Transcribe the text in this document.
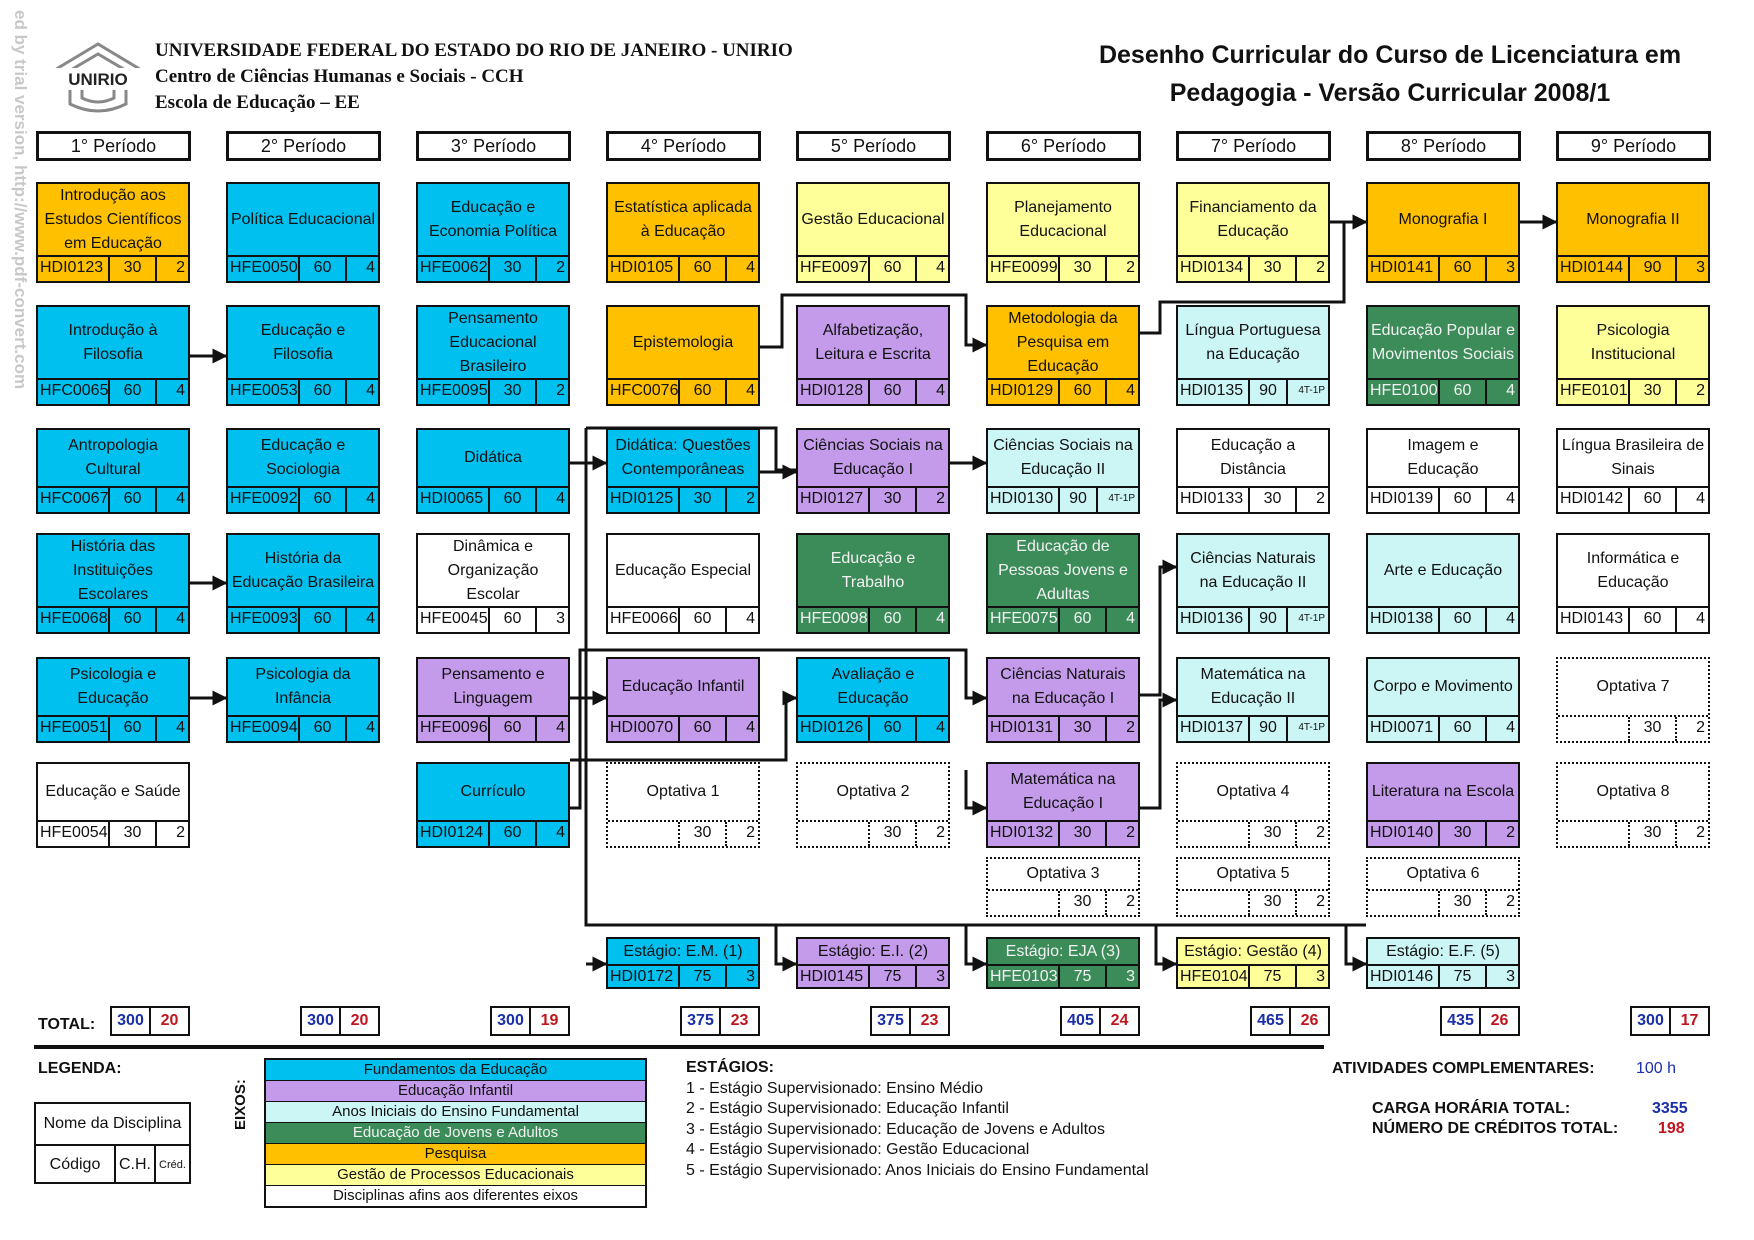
ed by trial version, http://www.pdf-convert.com UNIRIO
UNIVERSIDADE FEDERAL DO ESTADO DO RIO DE JANEIRO - UNIRIO
Centro de Ciências Humanas e Sociais - CCH
Escola de Educação – EE
Desenho Curricular do Curso de Licenciatura em
Pedagogia - Versão Curricular 2008/1
1° Período	2° Período	3° Período	4° Período	5° Período	6° Período	7° Período	8° Período	9° Período
Introdução aos Estudos Científicos em Educação
HDI0123	30	2
Introdução à Filosofia
HFC0065 60	4
Antropologia Cultural
HFC0067 60	4
História das Instituições Escolares
HFE0068	60	4
Psicologia e Educação
HFE0051	60	4
Educação e Saúde
HFE0054	30	2
Política Educacional
HFE0050	60	4
Educação e Filosofia
HFE0053	60	4
Educação e Sociologia
HFE0092	60	4
História da Educação Brasileira
HFE0093	60	4
Psicologia da Infância
HFE0094	60	4
Educação e Economia Política
HFE0062	30	2
Pensamento Educacional Brasileiro
HFE0095	30	2
Didática
HDI0065	60	4
Dinâmica e Organização Escolar
HFE0045	60	3
Pensamento e Linguagem
HFE0096	60	4
Currículo
HDI0124	60	4
Estatística aplicada à Educação
HDI0105	60	4
Epistemologia
HFC0076 60	4
Didática: Questões Contemporâneas
HDI0125	30	2
Educação Especial
HFE0066	60	4
Educação Infantil
HDI0070	60	4
Gestão Educacional
HFE0097	60	4
Alfabetização, Leitura e Escrita
HDI0128	60	4
Ciências Sociais na Educação I
HDI0127	30	2
Educação e Trabalho
HFE0098	60	4
Avaliação e Educação
HDI0126	60	4
Planejamento Educacional
HFE0099	30	2
Metodologia da Pesquisa em Educação
HDI0129	60	4
Ciências Sociais na Educação II
HDI0130 90	4T-1P
Educação de Pessoas Jovens e Adultas
HFE0075	60	4
Ciências Naturais na Educação I
HDI0131	30	2
Matemática na Educação I
HDI0132	30	2
Financiamento da Educação
HDI0134	30	2
Língua Portuguesa na Educação
HDI0135 90	4T-1P
Educação a Distância
HDI0133	30	2
Ciências Naturais na Educação II
HDI0136 90	4T-1P
Matemática na Educação II
HDI0137 90	4T-1P
Monografia I
HDI0141	60	3
Educação Popular e Movimentos Sociais
HFE0100	60	4
Imagem e Educação
HDI0139	60	4
Arte e Educação
HDI0138	60	4
Corpo e Movimento
HDI0071	60	4
Literatura na Escola
HDI0140	30	2
Monografia II
HDI0144	90	3
Psicologia Institucional
HFE0101	30	2
Língua Brasileira de Sinais
HDI0142	60	4
Informática e Educação
HDI0143	60	4
Optativa 1
30	2
Optativa 2
30	2
Optativa 3
30	2
Optativa 4
30	2
Optativa 5
30	2
Optativa 6
30	2
Optativa 7
30	2
Optativa 8
30	2
Estágio: E.M. (1)
HDI0172	75	3
Estágio: E.I. (2)
HDI0145	75	3
Estágio: EJA (3)
HFE0103	75	3
Estágio: Gestão (4)
HFE0104	75	3
Estágio: E.F. (5)
HDI0146	75	3
TOTAL:	300	20	300	20	300	19	375	23	375	23	405	24	465	26	435	26	300	17
LEGENDA:
Nome da Disciplina
Código	C.H. Créd.
EIXOS:
Fundamentos da Educação
Educação Infantil
Anos Iniciais do Ensino Fundamental
Educação de Jovens e Adultos
Pesquisa
Gestão de Processos Educacionais
Disciplinas afins aos diferentes eixos
ESTÁGIOS:
1 - Estágio Supervisionado: Ensino Médio
2 - Estágio Supervisionado: Educação Infantil
3 - Estágio Supervisionado: Educação de Jovens e Adultos
4 - Estágio Supervisionado: Gestão Educacional
5 - Estágio Supervisionado: Anos Iniciais do Ensino Fundamental
ATIVIDADES COMPLEMENTARES:	100 h
CARGA HORÁRIA TOTAL:	3355
NÚMERO DE CRÉDITOS TOTAL: 198
